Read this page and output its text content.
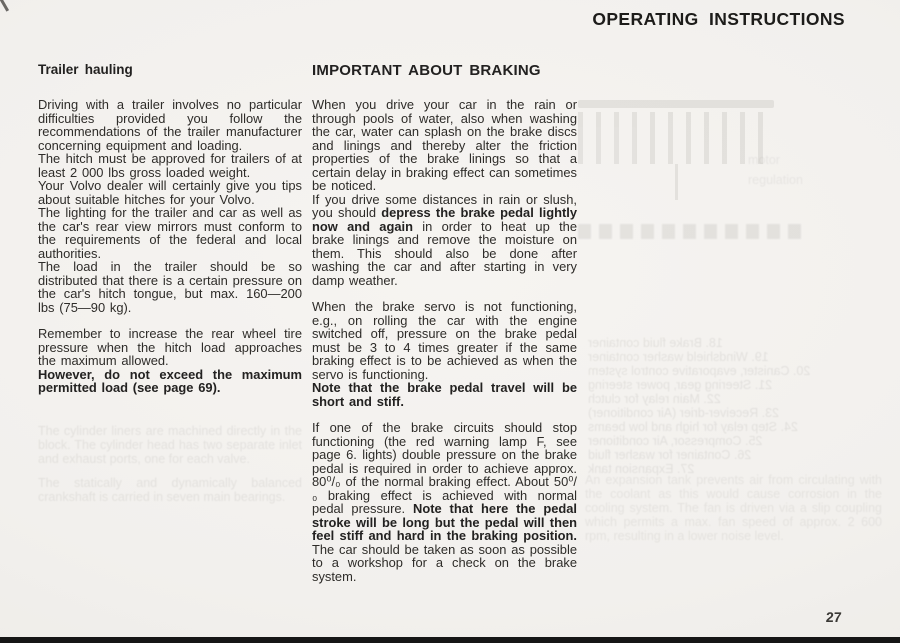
OPERATING INSTRUCTIONS
motor
regulation
18. Brake fluid container
19. Windshield washer container
20. Canister, evaporative control system
21. Steering gear, power steering
22. Main relay for clutch
23. Receiver-drier (Air conditioner)
24. Step relay for high and low beams
25. Compressor, Air conditioner
26. Container for washer fluid
27. Expansion tank
An expansion tank prevents air from circulating with the coolant as this would cause corrosion in the cooling system. The fan is driven via a slip coupling which permits a max. fan speed of approx. 2 600 rpm, resulting in a lower noise level.
The cylinder liners are machined directly in the block. The cylinder head has two separate inlet and exhaust ports, one for each valve.
The statically and dynamically balanced crankshaft is carried in seven main bearings.
Trailer hauling

Driving with a trailer involves no particular difficulties provided you follow the recommendations of the trailer manufacturer concerning equipment and loading.

The hitch must be approved for trailers of at least 2 000 lbs gross loaded weight.

Your Volvo dealer will certainly give you tips about suitable hitches for your Volvo.

The lighting for the trailer and car as well as the car's rear view mirrors must conform to the requirements of the federal and local authorities.

The load in the trailer should be so distributed that there is a certain pressure on the car's hitch tongue, but max. 160—200 lbs (75—90 kg).

Remember to increase the rear wheel tire pressure when the hitch load approaches the maximum allowed.

However, do not exceed the maximum permitted load (see page 69).

IMPORTANT ABOUT BRAKING

When you drive your car in the rain or through pools of water, also when washing the car, water can splash on the brake discs and linings and thereby alter the friction properties of the brake linings so that a certain delay in braking effect can sometimes be noticed.

If you drive some distances in rain or slush, you should depress the brake pedal lightly now and again in order to heat up the brake linings and remove the moisture on them. This should also be done after washing the car and after starting in very damp weather.

When the brake servo is not functioning, e.g., on rolling the car with the engine switched off, pressure on the brake pedal must be 3 to 4 times greater if the same braking effect is to be achieved as when the servo is functioning.

Note that the brake pedal travel will be short and stiff.

If one of the brake circuits should stop functioning (the red warning lamp F, see page 6. lights) double pressure on the brake pedal is required in order to achieve approx. 80⁰/₀ of the normal braking effect. About 50⁰/₀ braking effect is achieved with normal pedal pressure. Note that here the pedal stroke will be long but the pedal will then feel stiff and hard in the braking position. The car should be taken as soon as possible to a workshop for a check on the brake system.

27
